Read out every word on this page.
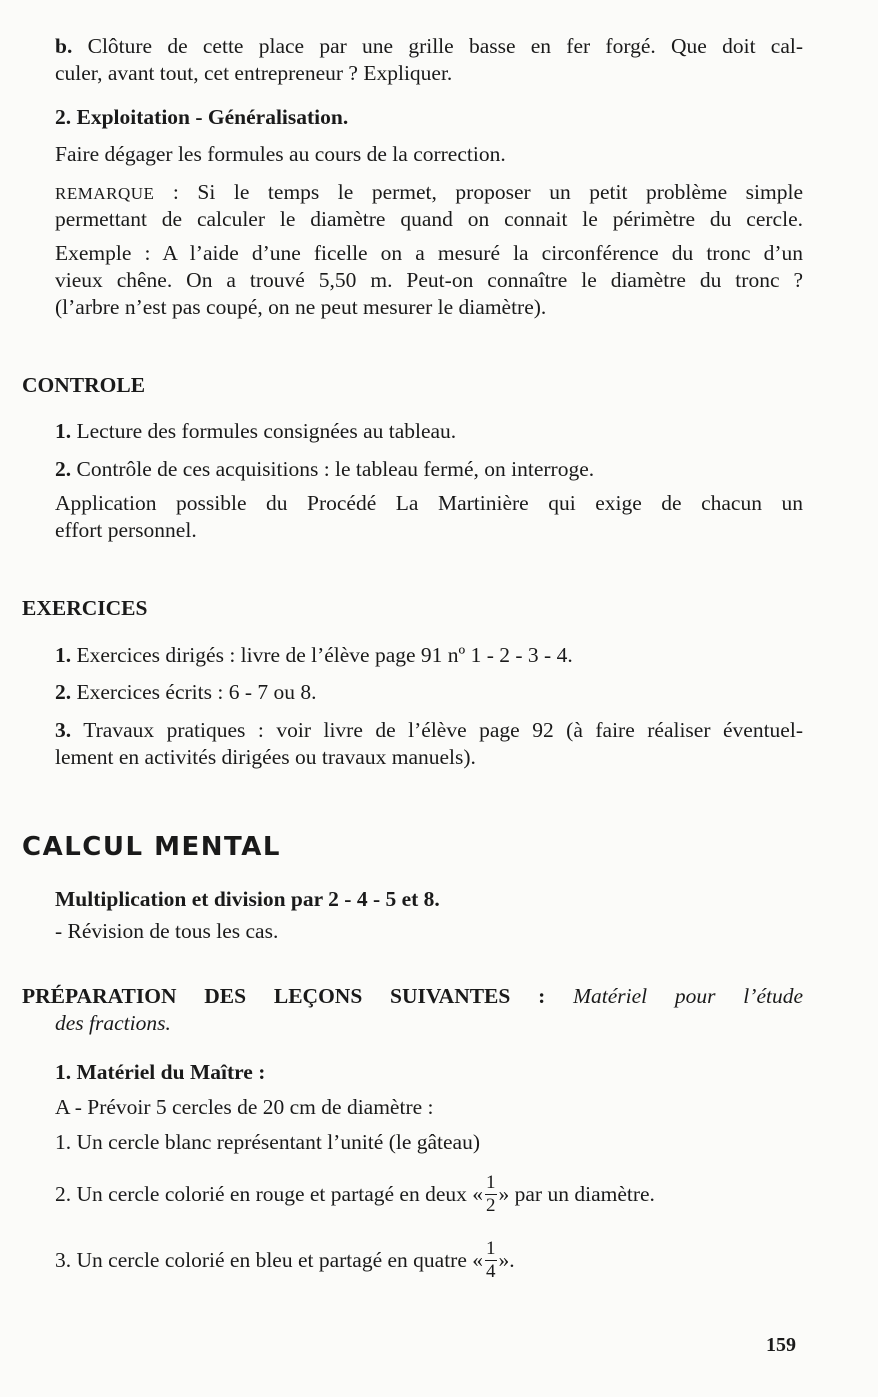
b. Clôture de cette place par une grille basse en fer forgé. Que doit cal-
culer, avant tout, cet entrepreneur ? Expliquer.
2. Exploitation - Généralisation.
Faire dégager les formules au cours de la correction.
REMARQUE : Si le temps le permet, proposer un petit problème simple
permettant de calculer le diamètre quand on connait le périmètre du cercle.
Exemple : A l’aide d’une ficelle on a mesuré la circonférence du tronc d’un
vieux chêne. On a trouvé 5,50 m. Peut-on connaître le diamètre du tronc ?
(l’arbre n’est pas coupé, on ne peut mesurer le diamètre).
CONTROLE
1. Lecture des formules consignées au tableau.
2. Contrôle de ces acquisitions : le tableau fermé, on interroge.
Application possible du Procédé La Martinière qui exige de chacun un
effort personnel.
EXERCICES
1. Exercices dirigés : livre de l’élève page 91 nº 1 - 2 - 3 - 4.
2. Exercices écrits : 6 - 7 ou 8.
3. Travaux pratiques : voir livre de l’élève page 92 (à faire réaliser éventuel-
lement en activités dirigées ou travaux manuels).
CALCUL MENTAL
Multiplication et division par 2 - 4 - 5 et 8.
- Révision de tous les cas.
PRÉPARATION DES LEÇONS SUIVANTES : Matériel pour l’étude
des fractions.
1. Matériel du Maître :
A - Prévoir 5 cercles de 20 cm de diamètre :
1. Un cercle blanc représentant l’unité (le gâteau)
2. Un cercle colorié en rouge et partagé en deux « $\frac{1}{2}$ » par un diamètre.
3. Un cercle colorié en bleu et partagé en quatre « $\frac{1}{4}$ ».
159
